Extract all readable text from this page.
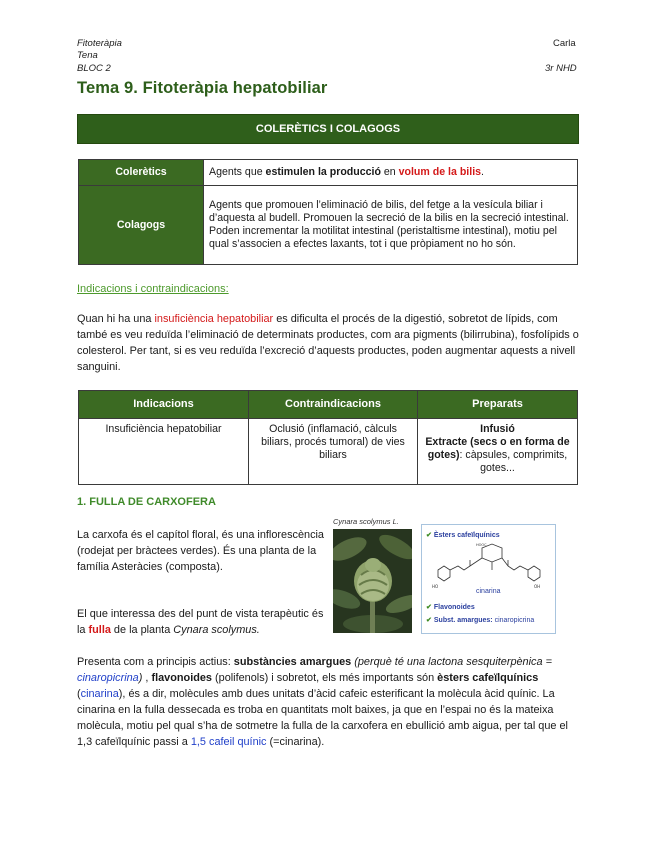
Fitoteràpia
Tena
BLOC 2
Carla
3r NHD
Tema 9. Fitoteràpia hepatobiliar
COLERÈTICS I COLAGOGS
Colerètics	Agents que estimulen la producció en volum de la bilis.
Colagogs	Agents que promouen l’eliminació de bilis, del fetge a la vesícula biliar i d’aquesta al budell. Promouen la secreció de la bilis en la secreció intestinal. Poden incrementar la motilitat intestinal (peristaltisme intestinal), motiu pel qual s’associen a efectes laxants, tot i que pròpiament no ho són.
Indicacions i contraindicacions:
Quan hi ha una insuficiència hepatobiliar es dificulta el procés de la digestió, sobretot de lípids, com també es veu reduïda l’eliminació de determinats productes, com ara pigments (bilirrubina), fosfolípids o colesterol. Per tant, si es veu reduïda l’excreció d’aquests productes, poden augmentar aquests a nivell sanguini.
Indicacions	Contraindicacions	Preparats
Insuficiència hepatobiliar	Oclusió (inflamació, càlculs biliars, procés tumoral) de vies biliars	Infusió
Extracte (secs o en forma de gotes): càpsules, comprimits, gotes...
1. FULLA DE CARXOFERA
Cynara scolymus L.
✔ Èsters cafeïlquínics
HO	OH
HOOC
cinarina
✔ Flavonoides
✔ Subst. amargues: cinaropicrina
La carxofa és el capítol floral, és una inflorescència (rodejat per bràctees verdes). És una planta de la família Asteràcies (composta).
El que interessa des del punt de vista terapèutic és la fulla de la planta Cynara scolymus.
Presenta com a principis actius: substàncies amargues (perquè té una lactona sesquiterpènica = cinaropicrina) , flavonoides (polifenols) i sobretot, els més importants són èsters cafeïlquínics (cinarina), és a dir, molècules amb dues unitats d’àcid cafeic esterificant la molècula àcid quínic. La cinarina en la fulla dessecada es troba en quantitats molt baixes, ja que en l’espai no és la mateixa molècula, motiu pel qual s’ha de sotmetre la fulla de la carxofera en ebullició amb aigua, per tal que el 1,3 cafeïlquínic passi a 1,5 cafeil quínic (=cinarina).
